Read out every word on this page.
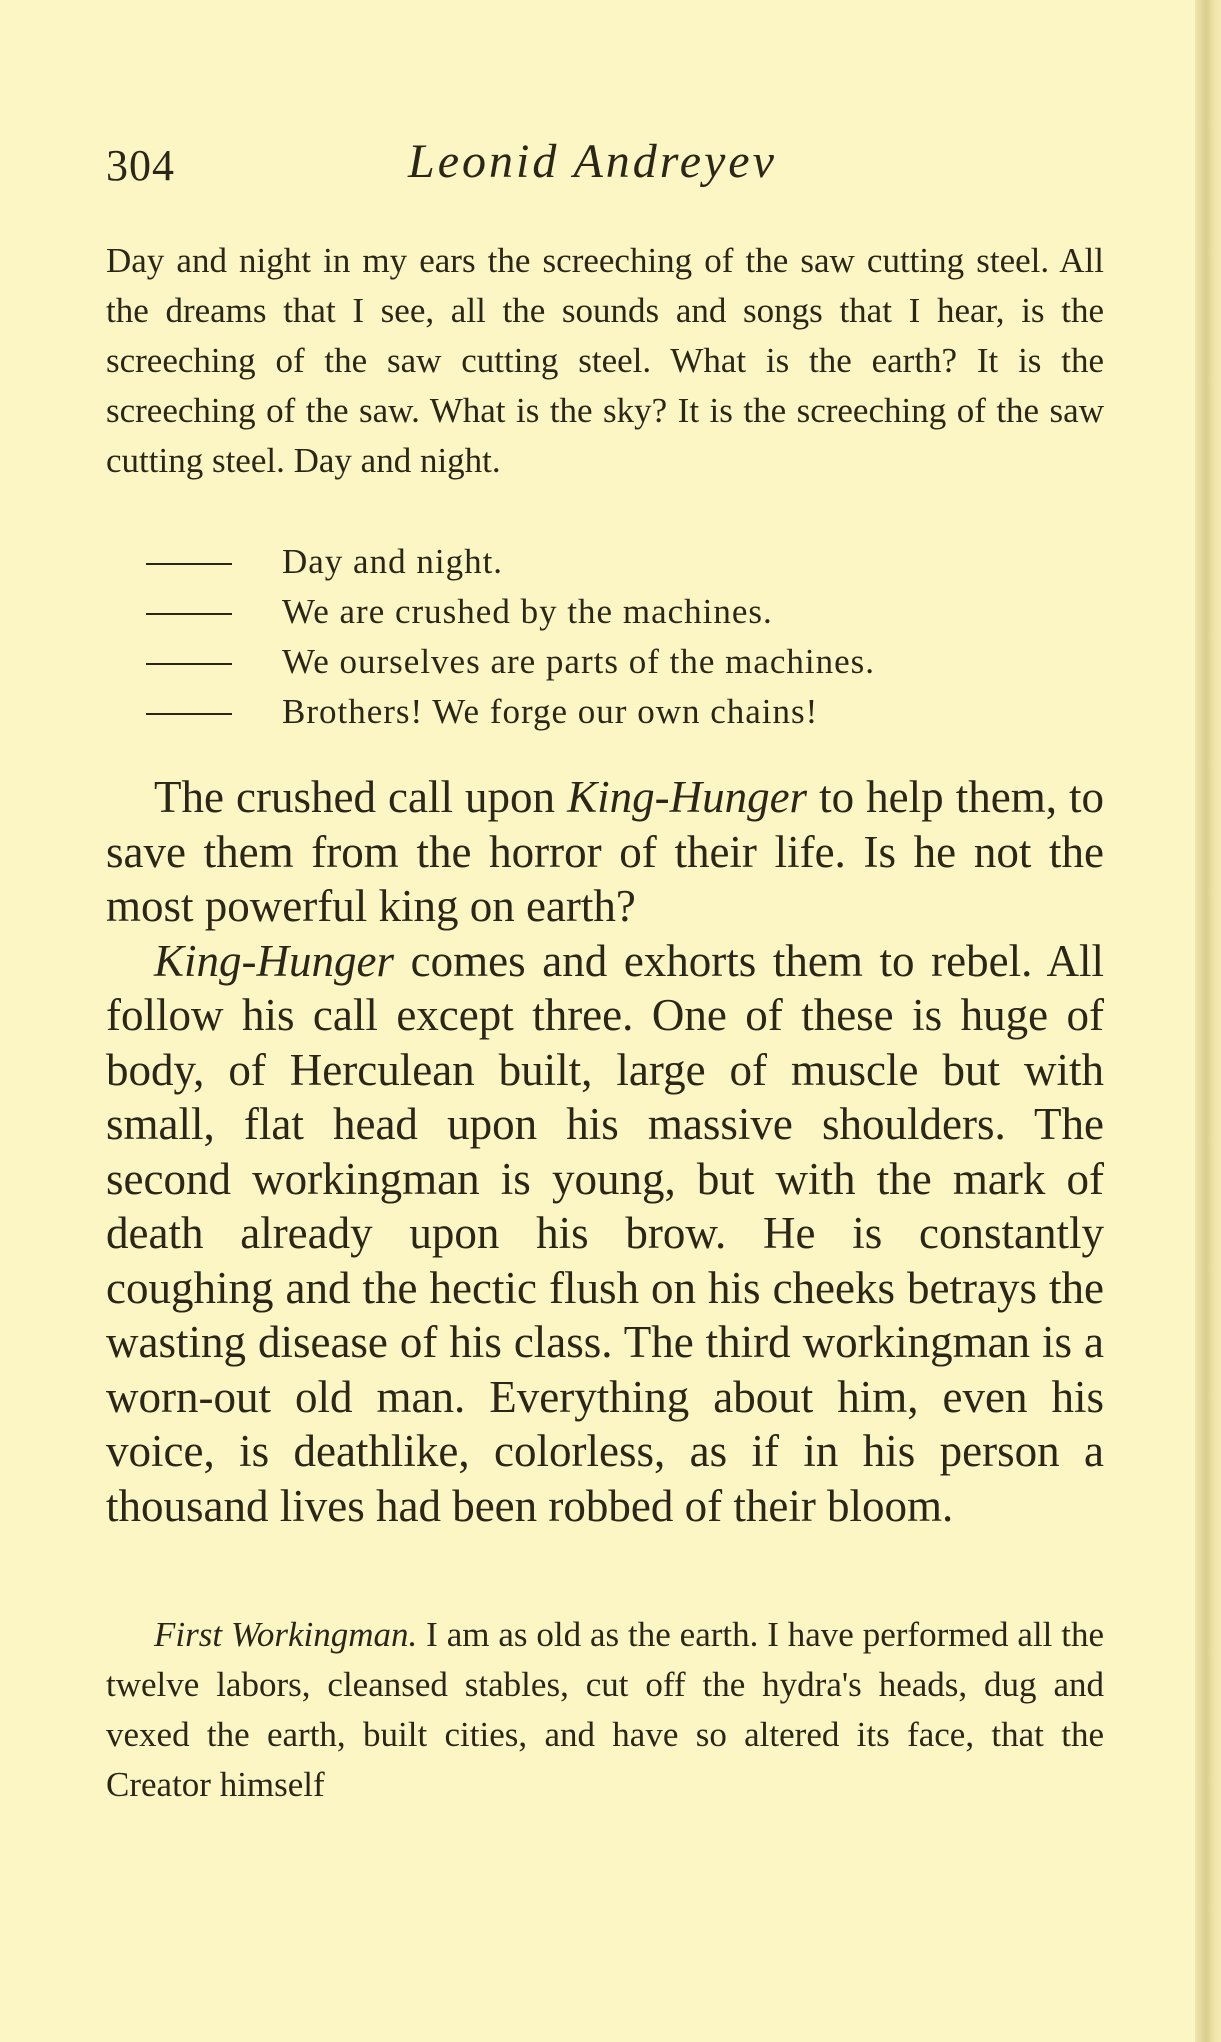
304	Leonid Andreyev

Day and night in my ears the screeching of the saw cutting steel. All the dreams that I see, all the sounds and songs that I hear, is the screeching of the saw cutting steel. What is the earth? It is the screeching of the saw. What is the sky? It is the screeching of the saw cutting steel. Day and night.

Day and night.
We are crushed by the machines.
We ourselves are parts of the machines.
Brothers! We forge our own chains!

The crushed call upon King-Hunger to help them, to save them from the horror of their life. Is he not the most powerful king on earth?

King-Hunger comes and exhorts them to rebel. All follow his call except three. One of these is huge of body, of Herculean built, large of muscle but with small, flat head upon his massive shoulders. The second workingman is young, but with the mark of death already upon his brow. He is constantly coughing and the hectic flush on his cheeks betrays the wasting disease of his class. The third workingman is a worn-out old man. Everything about him, even his voice, is deathlike, colorless, as if in his person a thousand lives had been robbed of their bloom.

First Workingman. I am as old as the earth. I have performed all the twelve labors, cleansed stables, cut off the hydra's heads, dug and vexed the earth, built cities, and have so altered its face, that the Creator himself
